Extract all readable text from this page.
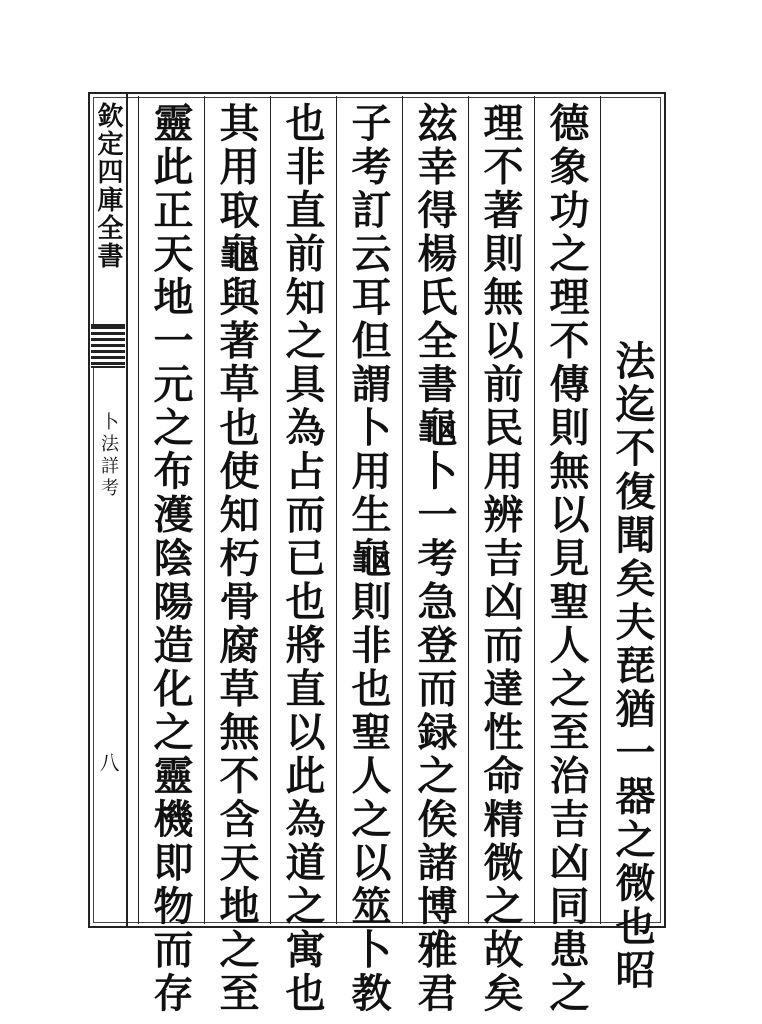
欽定四庫全書
卜法詳考
八	法迄不復聞矣夫琵猶一器之微也昭
德象功之理不傳則無以見聖人之至治吉凶同患之
理不著則無以前民用辨吉凶而達性命精微之故矣
玆幸得楊氏全書龜卜一考急登而録之俟諸博雅君
子考訂云耳但謂卜用生龜則非也聖人之以筮卜教
也非直前知之具為占而已也將直以此為道之寓也
其用取龜與著草也使知朽骨腐草無不含天地之至
靈此正天地一元之布濩陰陽造化之靈機即物而存
